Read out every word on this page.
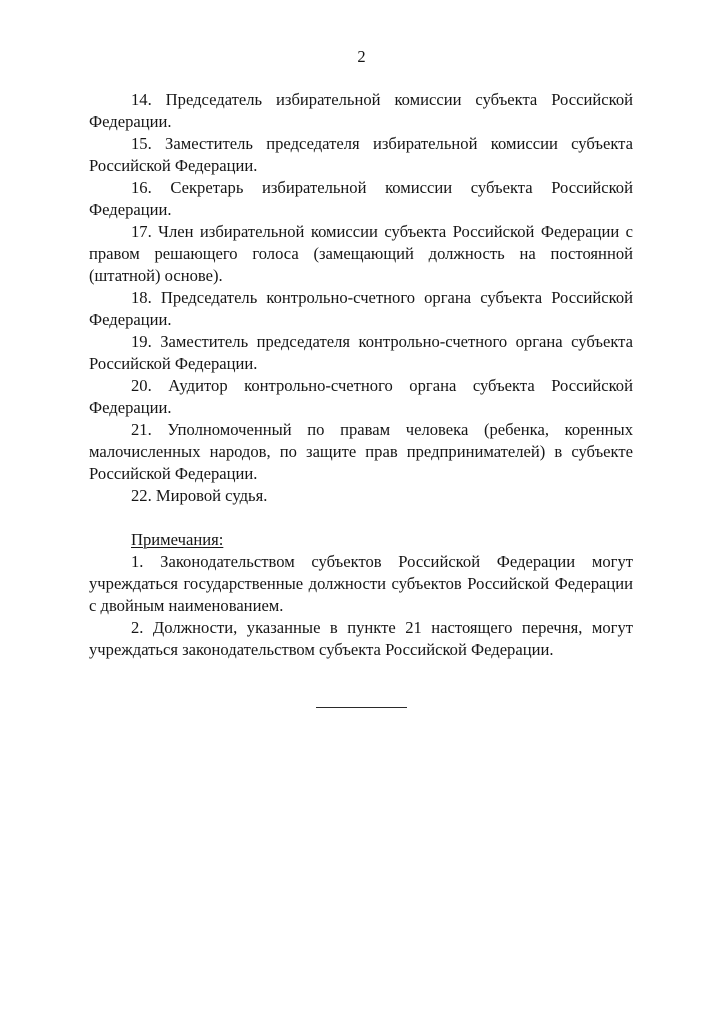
2

14. Председатель избирательной комиссии субъекта Российской Федерации.

15. Заместитель председателя избирательной комиссии субъекта Российской Федерации.

16. Секретарь избирательной комиссии субъекта Российской Федерации.

17. Член избирательной комиссии субъекта Российской Федерации с правом решающего голоса (замещающий должность на постоянной (штатной) основе).

18. Председатель контрольно-счетного органа субъекта Российской Федерации.

19. Заместитель председателя контрольно-счетного органа субъекта Российской Федерации.

20. Аудитор контрольно-счетного органа субъекта Российской Федерации.

21. Уполномоченный по правам человека (ребенка, коренных малочисленных народов, по защите прав предпринимателей) в субъекте Российской Федерации.

22. Мировой судья.

Примечания:

1. Законодательством субъектов Российской Федерации могут учреждаться государственные должности субъектов Российской Федерации с двойным наименованием.

2. Должности, указанные в пункте 21 настоящего перечня, могут учреждаться законодательством субъекта Российской Федерации.
